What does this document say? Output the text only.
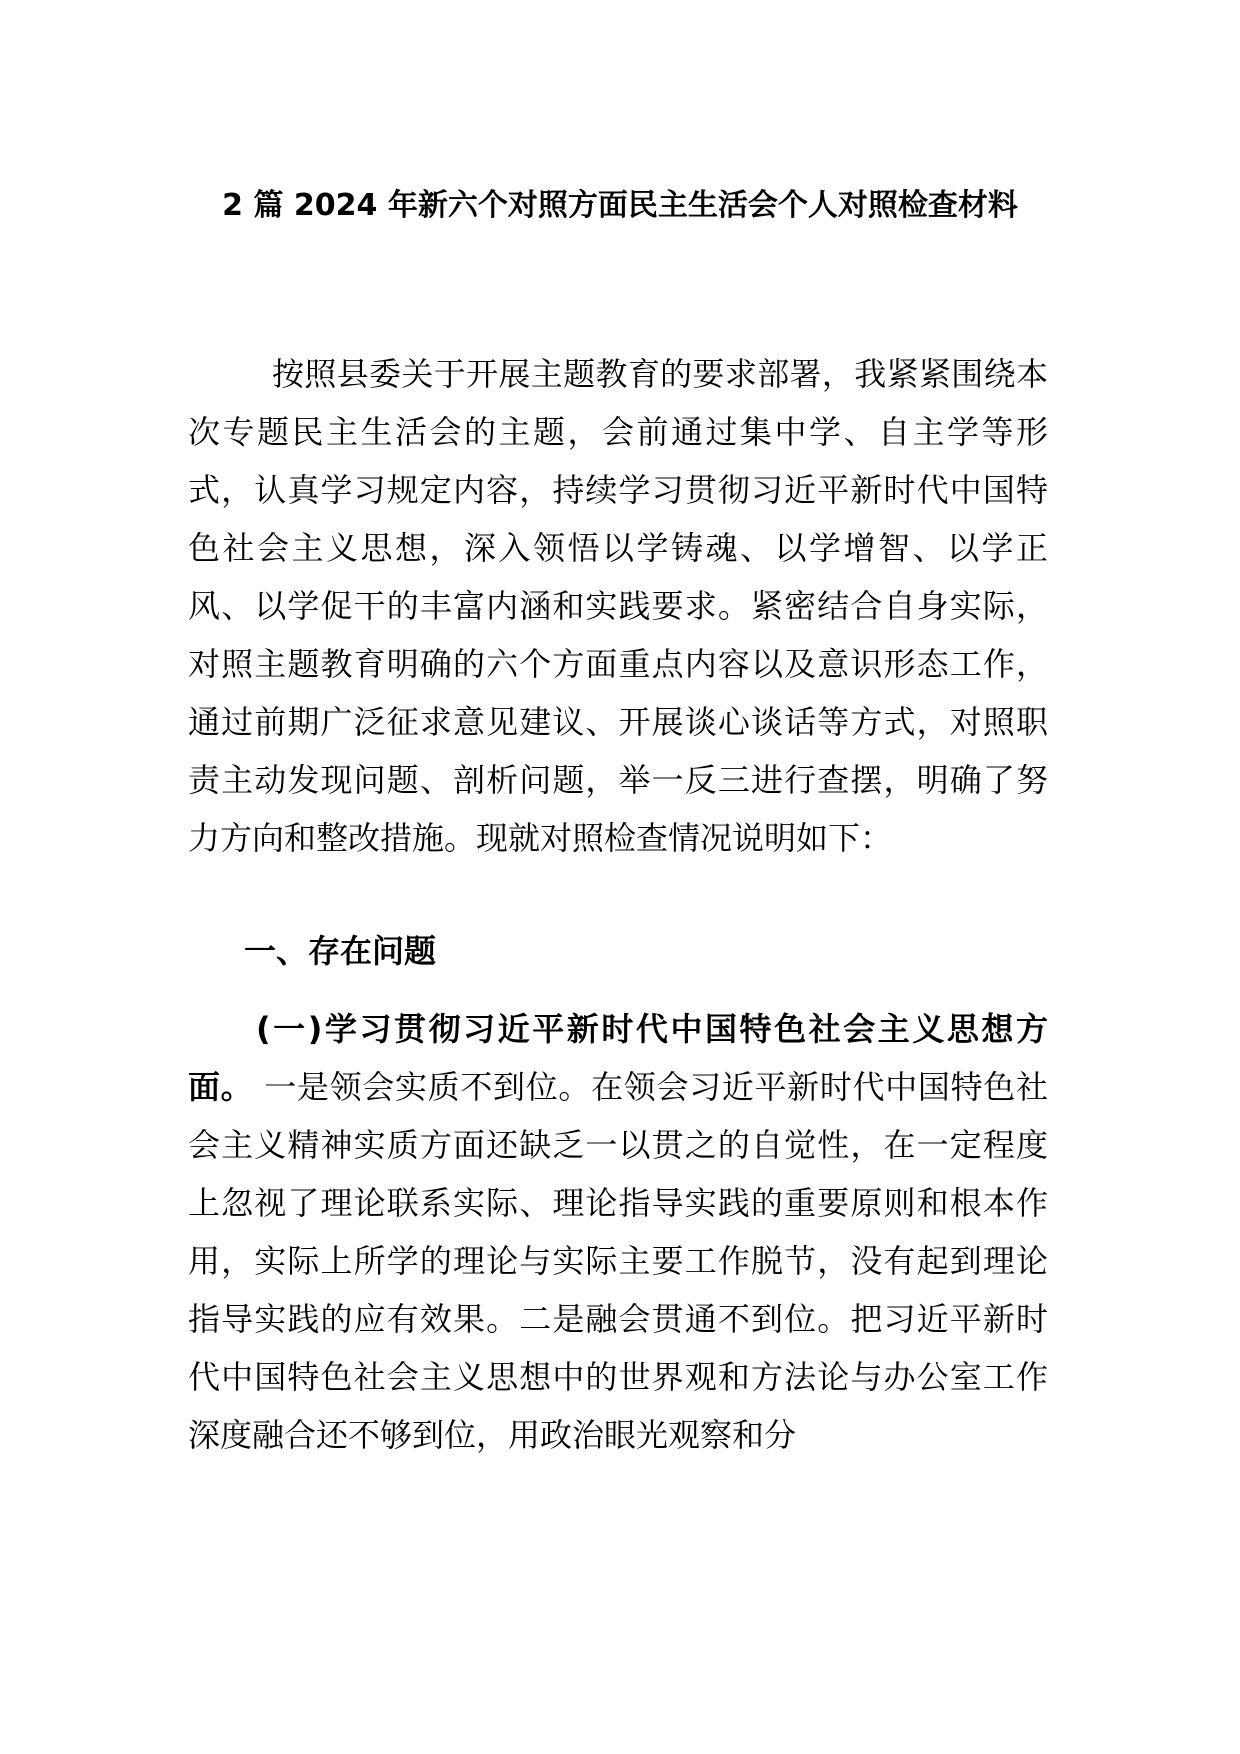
2 篇 2024 年新六个对照方面民主生活会个人对照检查材料

按照县委关于开展主题教育的要求部署，我紧紧围绕本次专题民主生活会的主题，会前通过集中学、自主学等形式，认真学习规定内容，持续学习贯彻习近平新时代中国特色社会主义思想，深入领悟以学铸魂、以学增智、以学正风、以学促干的丰富内涵和实践要求。紧密结合自身实际，对照主题教育明确的六个方面重点内容以及意识形态工作，通过前期广泛征求意见建议、开展谈心谈话等方式，对照职责主动发现问题、剖析问题，举一反三进行查摆，明确了努力方向和整改措施。现就对照检查情况说明如下：

一、存在问题

(一)学习贯彻习近平新时代中国特色社会主义思想方面。 一是领会实质不到位。在领会习近平新时代中国特色社会主义精神实质方面还缺乏一以贯之的自觉性，在一定程度上忽视了理论联系实际、理论指导实践的重要原则和根本作用，实际上所学的理论与实际主要工作脱节，没有起到理论指导实践的应有效果。二是融会贯通不到位。把习近平新时代中国特色社会主义思想中的世界观和方法论与办公室工作深度融合还不够到位，用政治眼光观察和分
